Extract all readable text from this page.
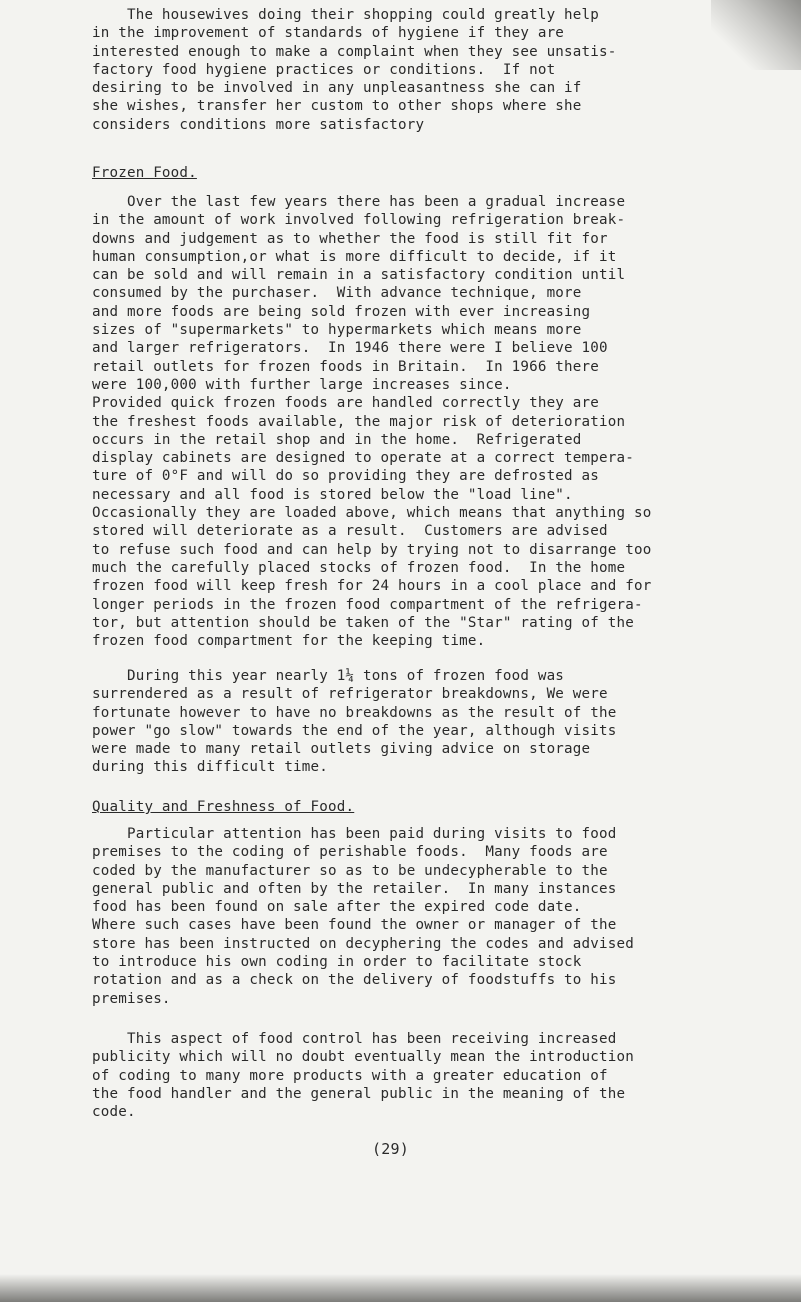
The housewives doing their shopping could greatly help

in the improvement of standards of hygiene if they are

interested enough to make a complaint when they see unsatis-

factory food hygiene practices or conditions.  If not

desiring to be involved in any unpleasantness she can if

she wishes, transfer her custom to other shops where she

considers conditions more satisfactory

Frozen Food.

Over the last few years there has been a gradual increase

in the amount of work involved following refrigeration break-

downs and judgement as to whether the food is still fit for

human consumption,or what is more difficult to decide, if it

can be sold and will remain in a satisfactory condition until

consumed by the purchaser.  With advance technique, more

and more foods are being sold frozen with ever increasing

sizes of "supermarkets" to hypermarkets which means more

and larger refrigerators.  In 1946 there were I believe 100

retail outlets for frozen foods in Britain.  In 1966 there

were 100,000 with further large increases since.

Provided quick frozen foods are handled correctly they are

the freshest foods available, the major risk of deterioration

occurs in the retail shop and in the home.  Refrigerated

display cabinets are designed to operate at a correct tempera-

ture of 0°F and will do so providing they are defrosted as

necessary and all food is stored below the "load line".

Occasionally they are loaded above, which means that anything so

stored will deteriorate as a result.  Customers are advised

to refuse such food and can help by trying not to disarrange too

much the carefully placed stocks of frozen food.  In the home

frozen food will keep fresh for 24 hours in a cool place and for

longer periods in the frozen food compartment of the refrigera-

tor, but attention should be taken of the "Star" rating of the

frozen food compartment for the keeping time.

During this year nearly 1¼ tons of frozen food was

surrendered as a result of refrigerator breakdowns, We were

fortunate however to have no breakdowns as the result of the

power "go slow" towards the end of the year, although visits

were made to many retail outlets giving advice on storage

during this difficult time.

Quality and Freshness of Food.

Particular attention has been paid during visits to food

premises to the coding of perishable foods.  Many foods are

coded by the manufacturer so as to be undecypherable to the

general public and often by the retailer.  In many instances

food has been found on sale after the expired code date.

Where such cases have been found the owner or manager of the

store has been instructed on decyphering the codes and advised

to introduce his own coding in order to facilitate stock

rotation and as a check on the delivery of foodstuffs to his

premises.

This aspect of food control has been receiving increased

publicity which will no doubt eventually mean the introduction

of coding to many more products with a greater education of

the food handler and the general public in the meaning of the

code.

(29)
